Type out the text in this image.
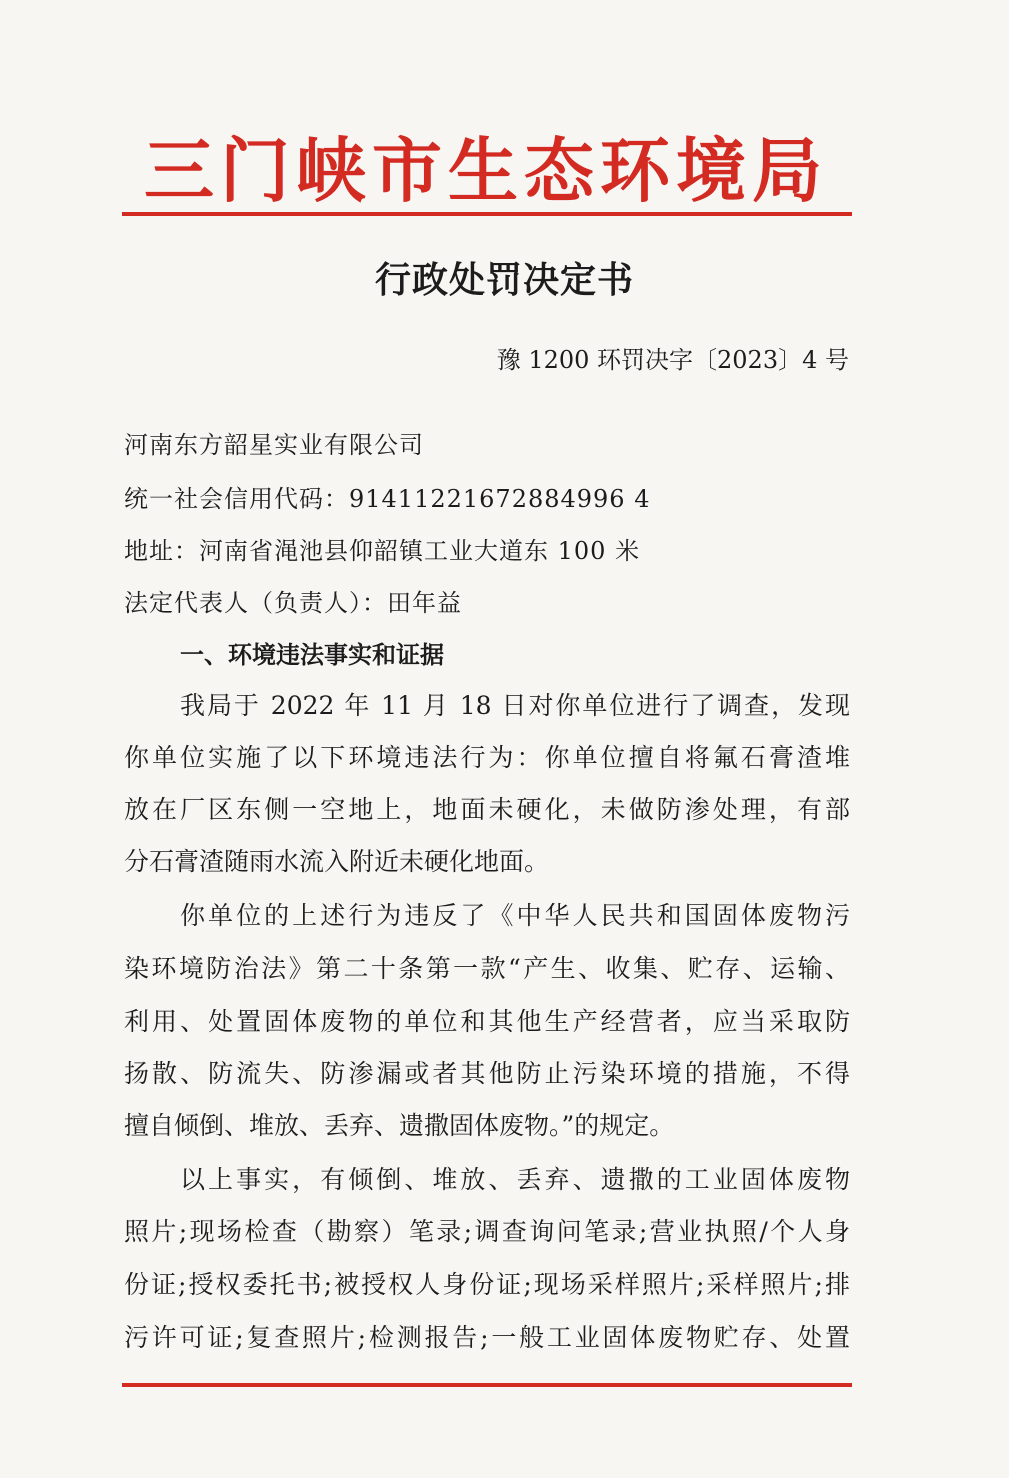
三门峡市生态环境局
行政处罚决定书
豫 1200 环罚决字〔2023〕4 号
河南东方韶星实业有限公司
统一社会信用代码：91411221672884996 4
地址：河南省渑池县仰韶镇工业大道东 100 米
法定代表人（负责人）：田年益
一、环境违法事实和证据
我局于 2022 年 11 月 18 日对你单位进行了调查，发现
你单位实施了以下环境违法行为：你单位擅自将氟石膏渣堆
放在厂区东侧一空地上，地面未硬化，未做防渗处理，有部
分石膏渣随雨水流入附近未硬化地面。
你单位的上述行为违反了《中华人民共和国固体废物污
染环境防治法》第二十条第一款“产生、收集、贮存、运输、
利用、处置固体废物的单位和其他生产经营者，应当采取防
扬散、防流失、防渗漏或者其他防止污染环境的措施，不得
擅自倾倒、堆放、丢弃、遗撒固体废物。”的规定。
以上事实，有倾倒、堆放、丢弃、遗撒的工业固体废物
照片;现场检查（勘察）笔录;调查询问笔录;营业执照/个人身
份证;授权委托书;被授权人身份证;现场采样照片;采样照片;排
污许可证;复查照片;检测报告;一般工业固体废物贮存、处置
